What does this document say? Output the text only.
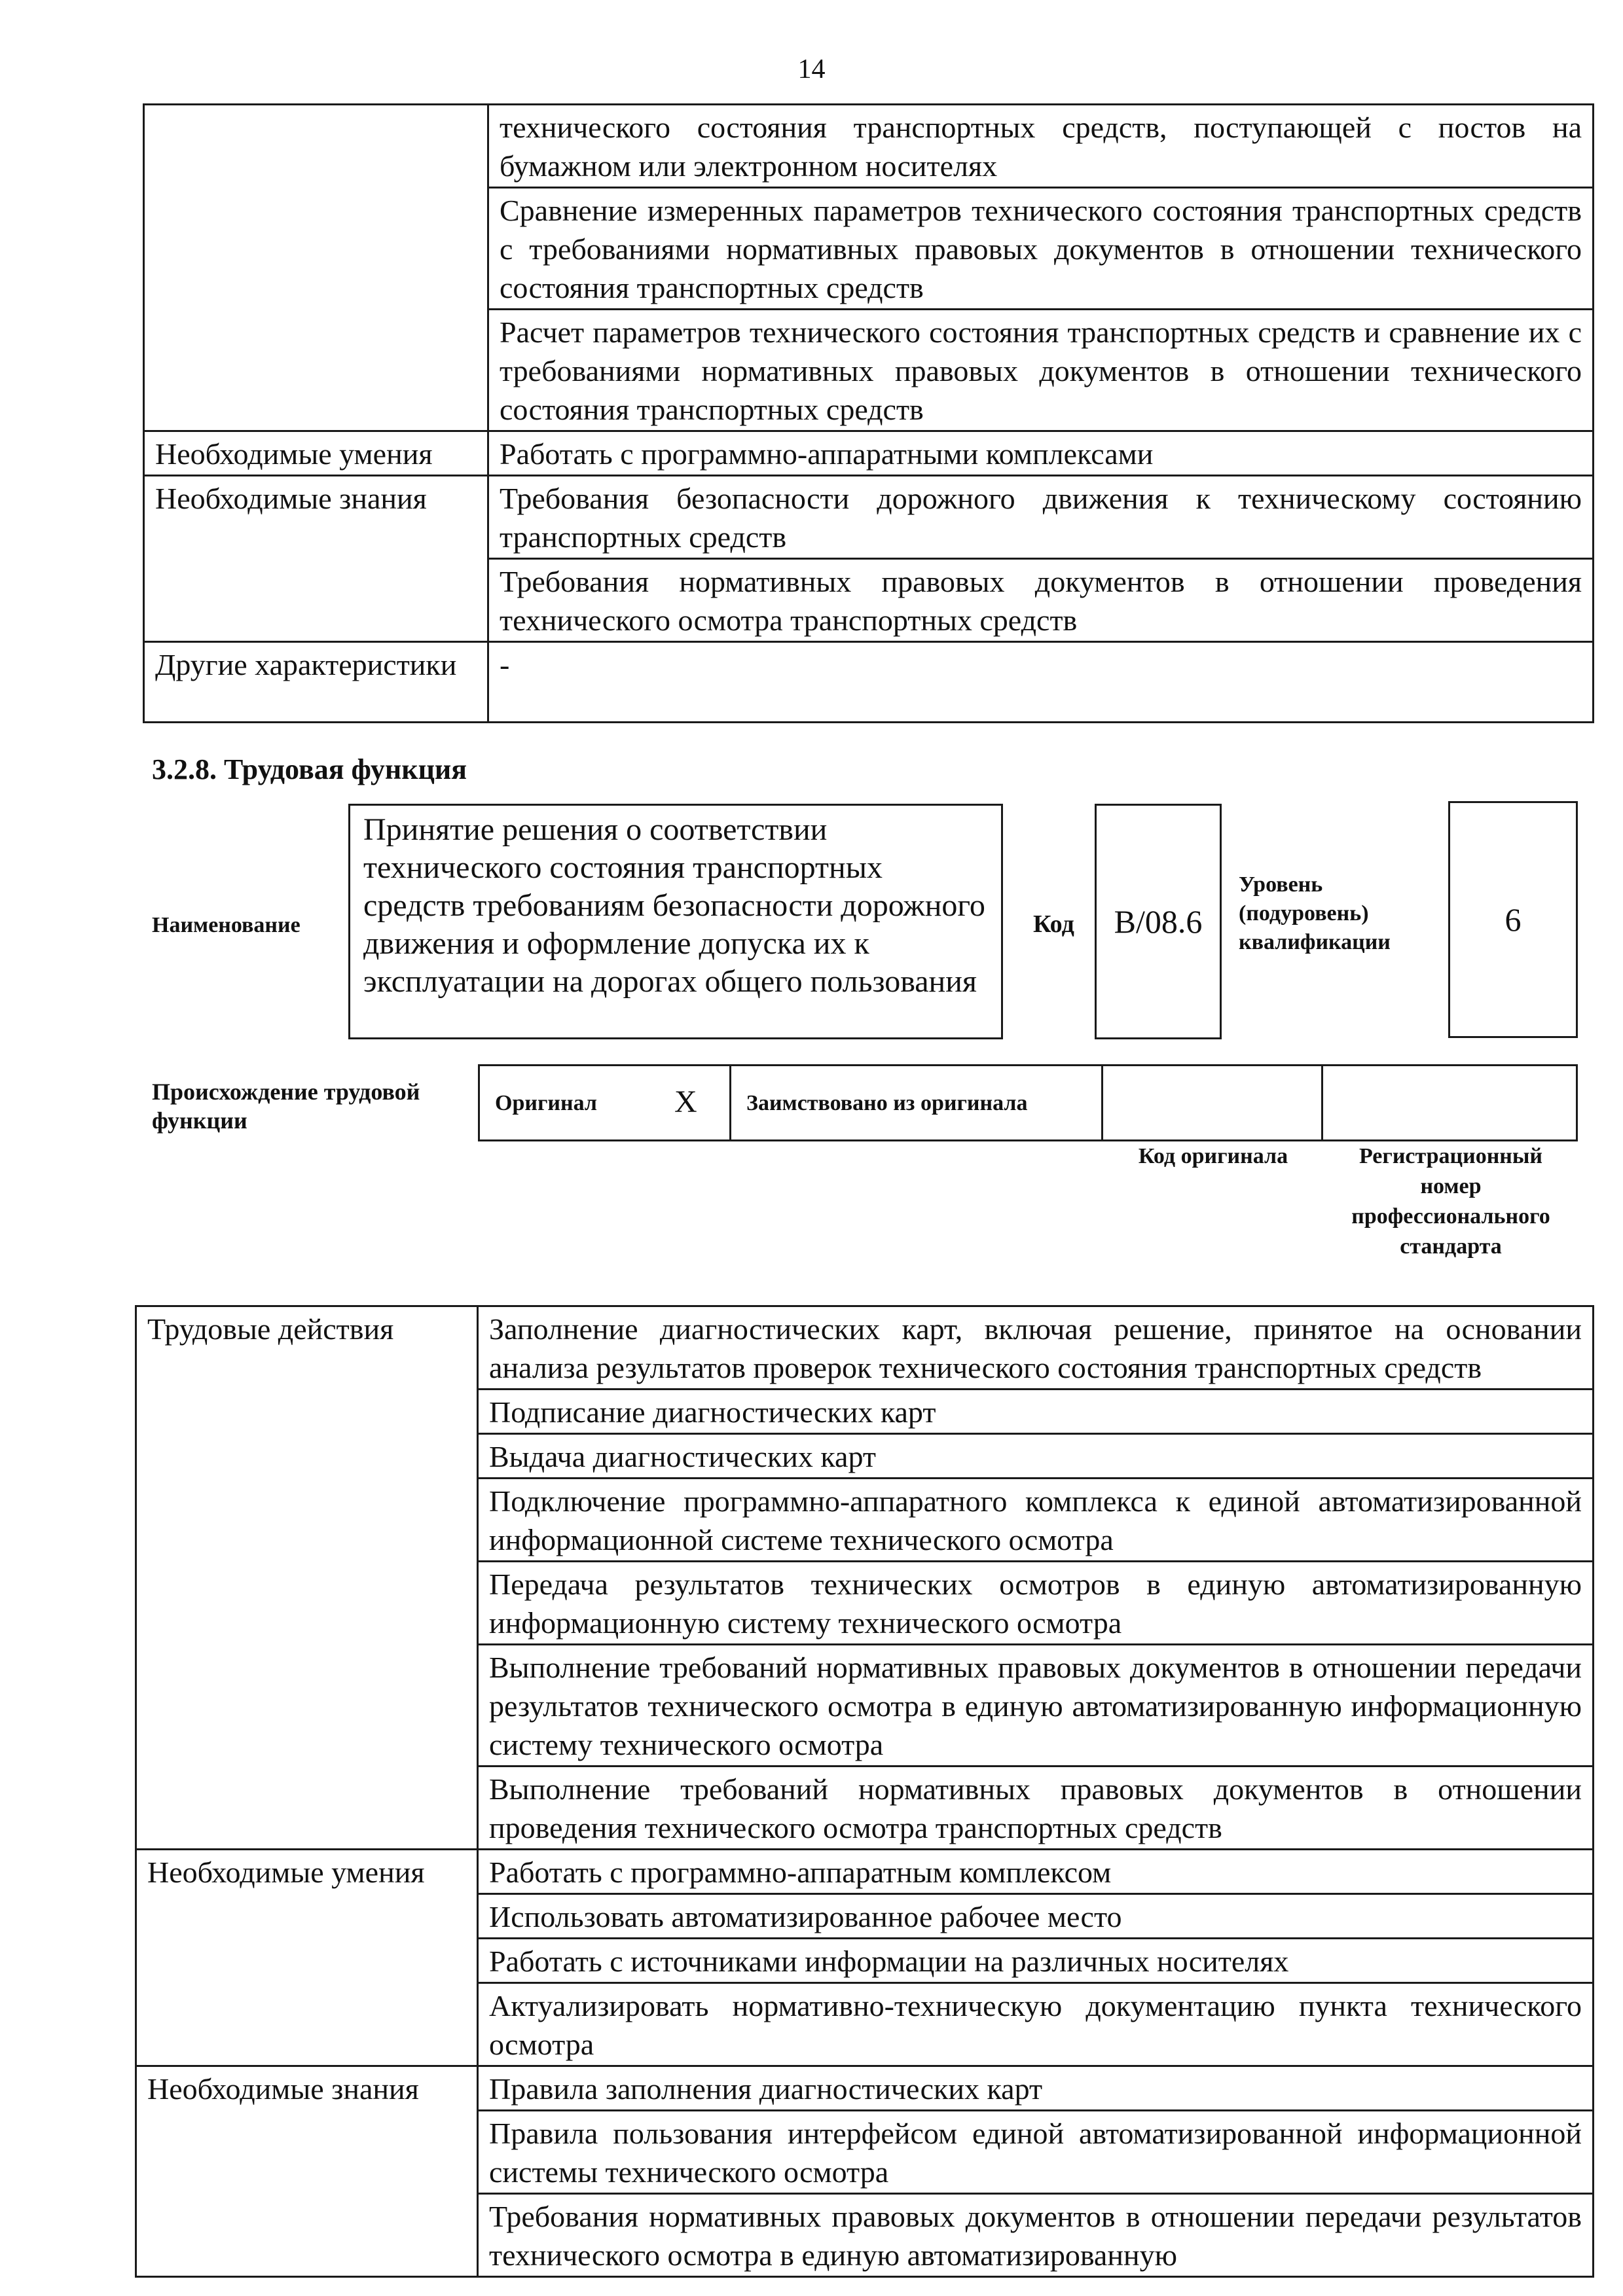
14
	технического состояния транспортных средств, поступающей с постов на бумажном или электронном носителях
	Сравнение измеренных параметров технического состояния транспортных средств с требованиями нормативных правовых документов в отношении технического состояния транспортных средств
	Расчет параметров технического состояния транспортных средств и сравнение их с требованиями нормативных правовых документов в отношении технического состояния транспортных средств
Необходимые умения	Работать с программно-аппаратными комплексами
Необходимые знания	Требования безопасности дорожного движения к техническому состоянию транспортных средств
	Требования нормативных правовых документов в отношении проведения технического осмотра транспортных средств
Другие характеристики	-
3.2.8. Трудовая функция
Наименование
Принятие решения о соответствии технического состояния транспортных средств требованиям безопасности дорожного движения и оформление допуска их к эксплуатации на дорогах общего пользования
Код	B/08.6
Уровень (подуровень) квалификации
6
Происхождение трудовой функции
Оригинал X Заимствовано из оригинала
Код оригинала	Регистрационный номер профессионального стандарта
Трудовые действия	Заполнение диагностических карт, включая решение, принятое на основании анализа результатов проверок технического состояния транспортных средств
	Подписание диагностических карт
	Выдача диагностических карт
	Подключение программно-аппаратного комплекса к единой автоматизированной информационной системе технического осмотра
	Передача результатов технических осмотров в единую автоматизированную информационную систему технического осмотра
	Выполнение требований нормативных правовых документов в отношении передачи результатов технического осмотра в единую автоматизированную информационную систему технического осмотра
	Выполнение требований нормативных правовых документов в отношении проведения технического осмотра транспортных средств
Необходимые умения	Работать с программно-аппаратным комплексом
	Использовать автоматизированное рабочее место
	Работать с источниками информации на различных носителях
	Актуализировать нормативно-техническую документацию пункта технического осмотра
Необходимые знания	Правила заполнения диагностических карт
	Правила пользования интерфейсом единой автоматизированной информационной системы технического осмотра
	Требования нормативных правовых документов в отношении передачи результатов технического осмотра в единую автоматизированную
